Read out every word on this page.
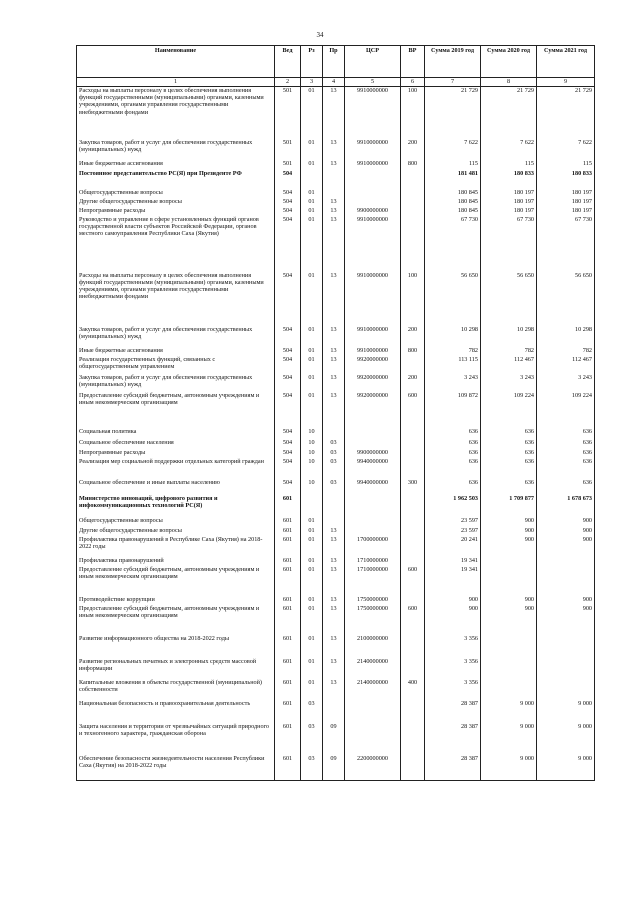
34
Наименование	Вед	Рз	Пр	ЦСР	ВР	Сумма 2019 год	Сумма 2020 год	Сумма 2021 год
1	2	3	4	5	6	7	8	9
Расходы на выплаты персоналу в целях обеспечения выполнения функций государственными (муниципальными) органами, казенными учреждениями, органами управления государственными внебюджетными фондами	501	01	13	9910000000	100	21 729	21 729	21 729
Закупка товаров, работ и услуг для обеспечения государственных (муниципальных) нужд	501	01	13	9910000000	200	7 622	7 622	7 622
Иные бюджетные ассигнования	501	01	13	9910000000	800	115	115	115
Постоянное представительство РС(Я) при Президенте РФ	504					181 481	180 833	180 833
Общегосударственные вопросы	504	01				180 845	180 197	180 197
Другие общегосударственные вопросы	504	01	13			180 845	180 197	180 197
Непрограммные расходы	504	01	13	9900000000		180 845	180 197	180 197
Руководство и управление в сфере установленных функций органов государственной власти субъектов Российской Федерации, органов местного самоуправления Республики Саха (Якутия)	504	01	13	9910000000		67 730	67 730	67 730
Расходы на выплаты персоналу в целях обеспечения выполнения функций государственными (муниципальными) органами, казенными учреждениями, органами управления государственными внебюджетными фондами	504	01	13	9910000000	100	56 650	56 650	56 650
Закупка товаров, работ и услуг для обеспечения государственных (муниципальных) нужд	504	01	13	9910000000	200	10 298	10 298	10 298
Иные бюджетные ассигнования	504	01	13	9910000000	800	782	782	782
Реализация государственных функций, связанных с общегосударственным управлением	504	01	13	9920000000		113 115	112 467	112 467
Закупка товаров, работ и услуг для обеспечения государственных (муниципальных) нужд	504	01	13	9920000000	200	3 243	3 243	3 243
Предоставление субсидий бюджетным, автономным учреждениям и иным некоммерческим организациям	504	01	13	9920000000	600	109 872	109 224	109 224
Социальная политика	504	10				636	636	636
Социальное обеспечение населения	504	10	03			636	636	636
Непрограммные расходы	504	10	03	9900000000		636	636	636
Реализация мер социальной поддержки отдельных категорий граждан	504	10	03	9940000000		636	636	636
Социальное обеспечение и иные выплаты населению	504	10	03	9940000000	300	636	636	636
Министерство инноваций, цифрового развития и инфокоммуникационных технологий РС(Я)	601					1 962 503	1 709 877	1 678 673
Общегосударственные вопросы	601	01				23 597	900	900
Другие общегосударственные вопросы	601	01	13			23 597	900	900
Профилактика правонарушений в Республике Саха (Якутия) на 2018-2022 годы	601	01	13	1700000000		20 241	900	900
Профилактика правонарушений	601	01	13	1710000000		19 341		
Предоставление субсидий бюджетным, автономным учреждениям и иным некоммерческим организациям	601	01	13	1710000000	600	19 341		
Противодействие коррупции	601	01	13	1750000000		900	900	900
Предоставление субсидий бюджетным, автономным учреждениям и иным некоммерческим организациям	601	01	13	1750000000	600	900	900	900
Развитие информационного общества на 2018-2022 годы	601	01	13	2100000000		3 356		
Развитие региональных печатных и электронных средств массовой информации	601	01	13	2140000000		3 356		
Капитальные вложения в объекты государственной (муниципальной) собственности	601	01	13	2140000000	400	3 356		
Национальная безопасность и правоохранительная деятельность	601	03				28 387	9 000	9 000
Защита населения и территории от чрезвычайных ситуаций природного и техногенного характера, гражданская оборона	601	03	09			28 387	9 000	9 000
Обеспечение безопасности жизнедеятельности населения Республики Саха (Якутия) на 2018-2022 годы	601	03	09	2200000000		28 387	9 000	9 000
